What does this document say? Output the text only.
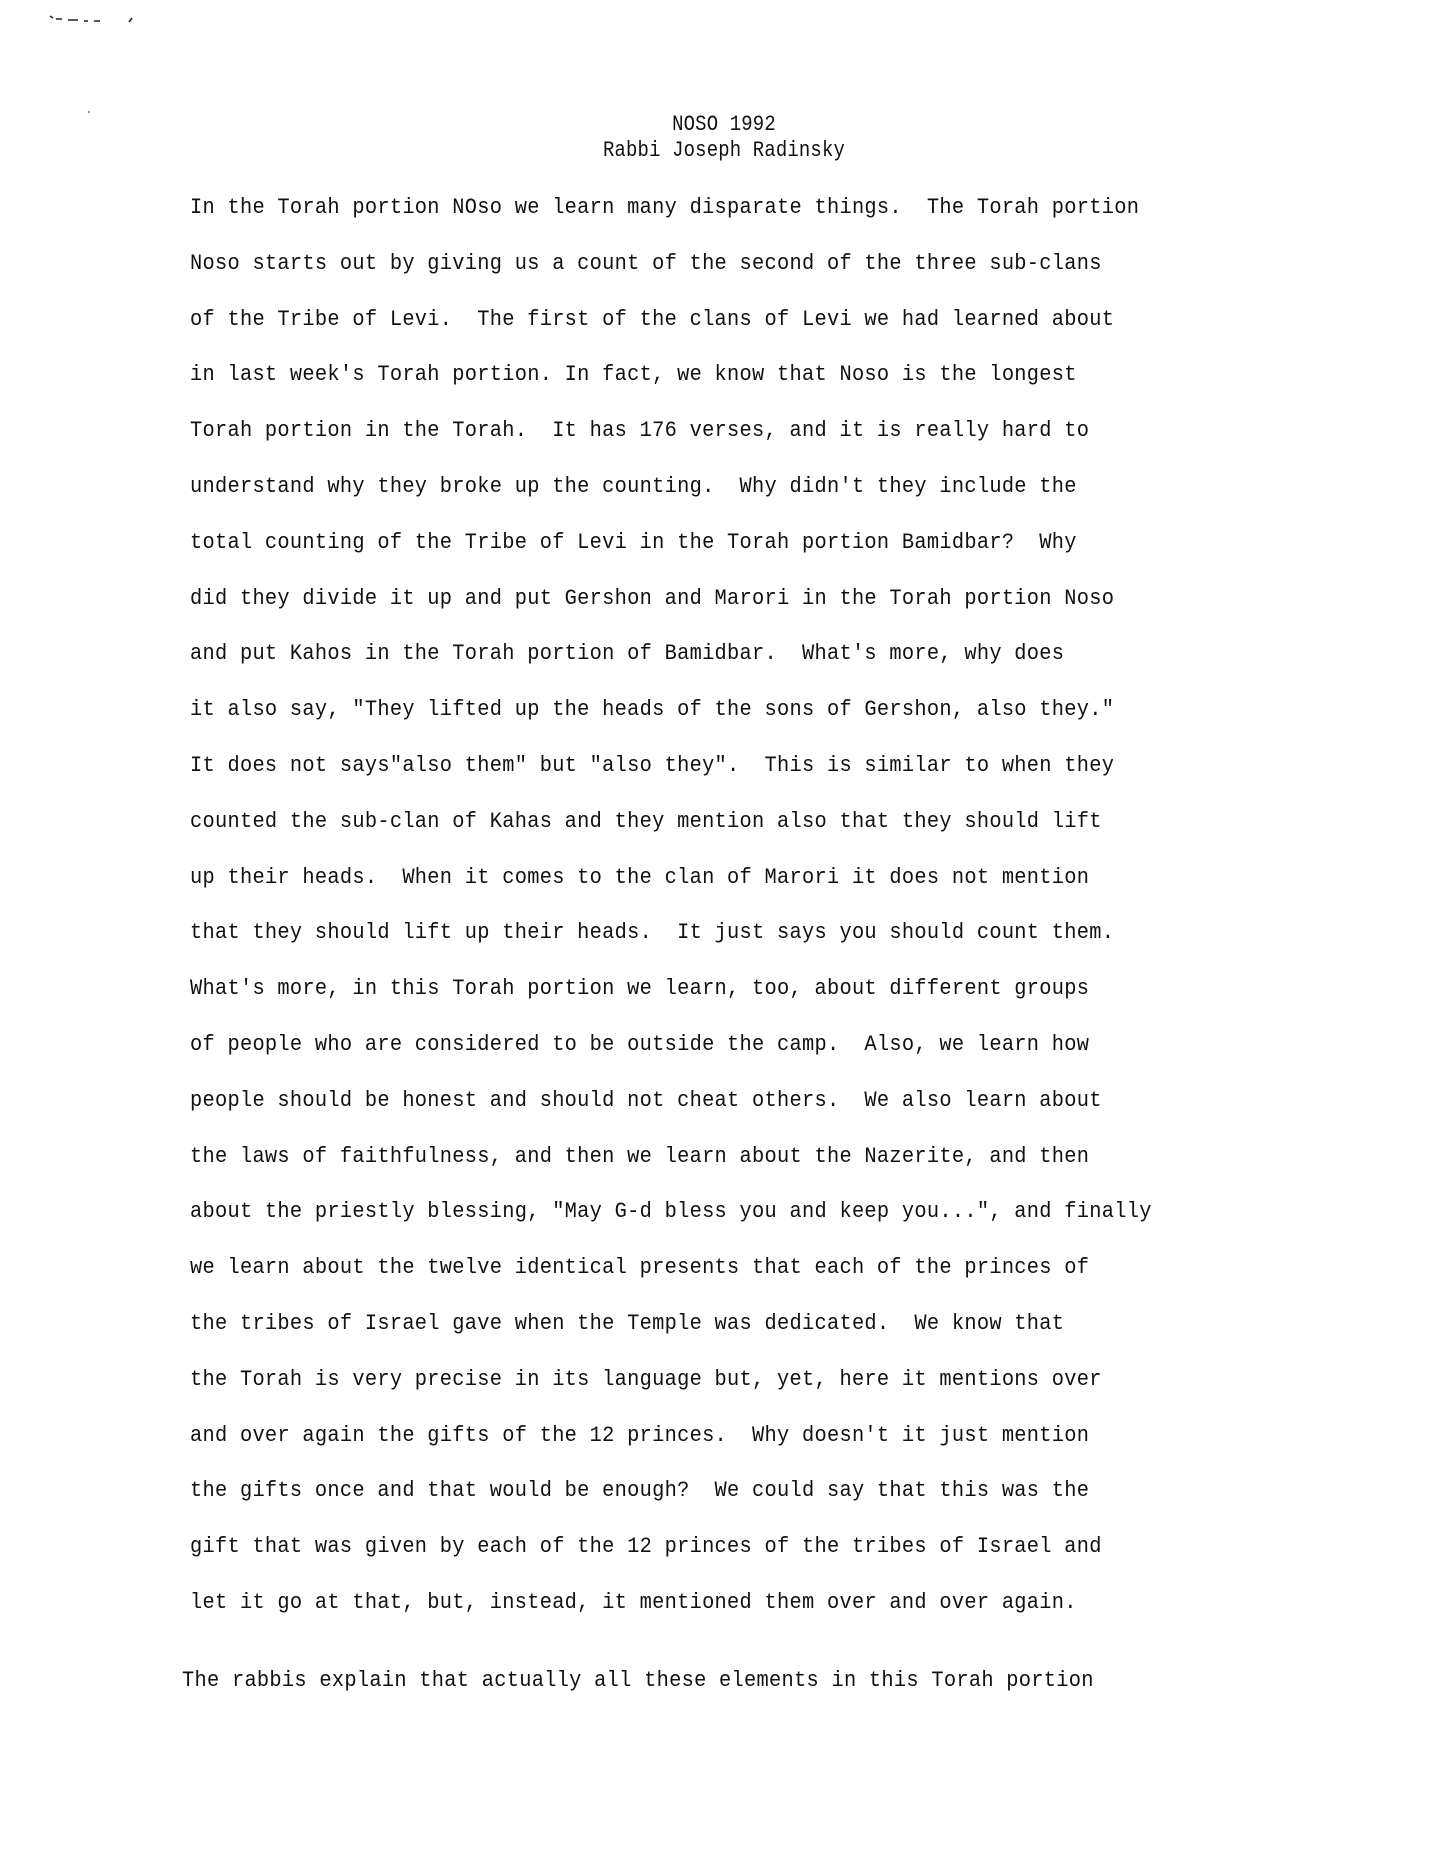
NOSO 1992
Rabbi Joseph Radinsky
In the Torah portion NOso we learn many disparate things.  The Torah portion
Noso starts out by giving us a count of the second of the three sub-clans
of the Tribe of Levi.  The first of the clans of Levi we had learned about
in last week's Torah portion. In fact, we know that Noso is the longest
Torah portion in the Torah.  It has 176 verses, and it is really hard to
understand why they broke up the counting.  Why didn't they include the
total counting of the Tribe of Levi in the Torah portion Bamidbar?  Why
did they divide it up and put Gershon and Marori in the Torah portion Noso
and put Kahos in the Torah portion of Bamidbar.  What's more, why does
it also say, "They lifted up the heads of the sons of Gershon, also they."
It does not says"also them" but "also they".  This is similar to when they
counted the sub-clan of Kahas and they mention also that they should lift
up their heads.  When it comes to the clan of Marori it does not mention
that they should lift up their heads.  It just says you should count them.
What's more, in this Torah portion we learn, too, about different groups
of people who are considered to be outside the camp.  Also, we learn how
people should be honest and should not cheat others.  We also learn about
the laws of faithfulness, and then we learn about the Nazerite, and then
about the priestly blessing, "May G-d bless you and keep you...", and finally
we learn about the twelve identical presents that each of the princes of
the tribes of Israel gave when the Temple was dedicated.  We know that
the Torah is very precise in its language but, yet, here it mentions over
and over again the gifts of the 12 princes.  Why doesn't it just mention
the gifts once and that would be enough?  We could say that this was the
gift that was given by each of the 12 princes of the tribes of Israel and
let it go at that, but, instead, it mentioned them over and over again.
The rabbis explain that actually all these elements in this Torah portion
